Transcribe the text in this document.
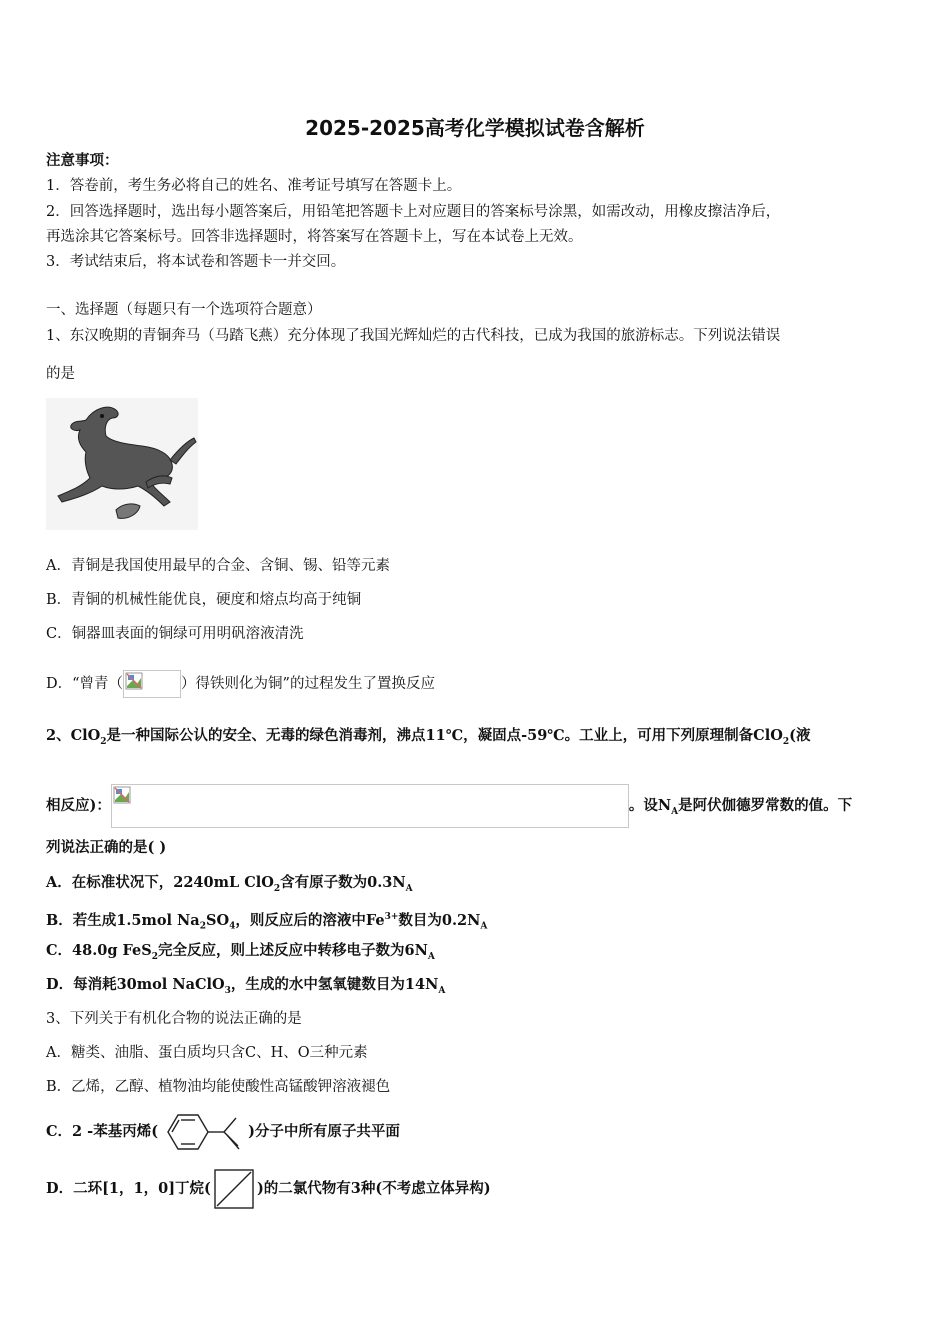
2025-2025高考化学模拟试卷含解析
注意事项：
1．答卷前，考生务必将自己的姓名、准考证号填写在答题卡上。
2．回答选择题时，选出每小题答案后，用铅笔把答题卡上对应题目的答案标号涂黑，如需改动，用橡皮擦洁净后，
再选涂其它答案标号。回答非选择题时，将答案写在答题卡上，写在本试卷上无效。
3．考试结束后，将本试卷和答题卡一并交回。
一、选择题（每题只有一个选项符合题意）
1、东汉晚期的青铜奔马（马踏飞燕）充分体现了我国光辉灿烂的古代科技，已成为我国的旅游标志。下列说法错误
的是
A．青铜是我国使用最早的合金、含铜、锡、铅等元素
B．青铜的机械性能优良，硬度和熔点均高于纯铜
C．铜器皿表面的铜绿可用明矾溶液清洗
D．“曾青（	）得铁则化为铜”的过程发生了置换反应
2、ClO$_2$是一种国际公认的安全、无毒的绿色消毒剂，沸点11℃，凝固点-59℃。工业上，可用下列原理制备ClO$_2$(液
相反应)：	。设$N_A$是阿伏伽德罗常数的值。下
列说法正确的是( )
A．在标准状况下，2240mL ClO$_2$含有原子数为$0.3N_A$
B．若生成1.5mol $Na_2SO_4$，则反应后的溶液中$Fe^{3+}$数目为$0.2N_A$
C．48.0g FeS$_2$完全反应，则上述反应中转移电子数为$6N_A$
D．每消耗30mol NaClO$_3$，生成的水中氢氧键数目为$14N_A$
3、下列关于有机化合物的说法正确的是
A．糖类、油脂、蛋白质均只含C、H、O三种元素
B．乙烯，乙醇、植物油均能使酸性高锰酸钾溶液褪色
C．2 -苯基丙烯(	)分子中所有原子共平面
D．二环[1，1，0]丁烷(	)的二氯代物有3种(不考虑立体异构)
